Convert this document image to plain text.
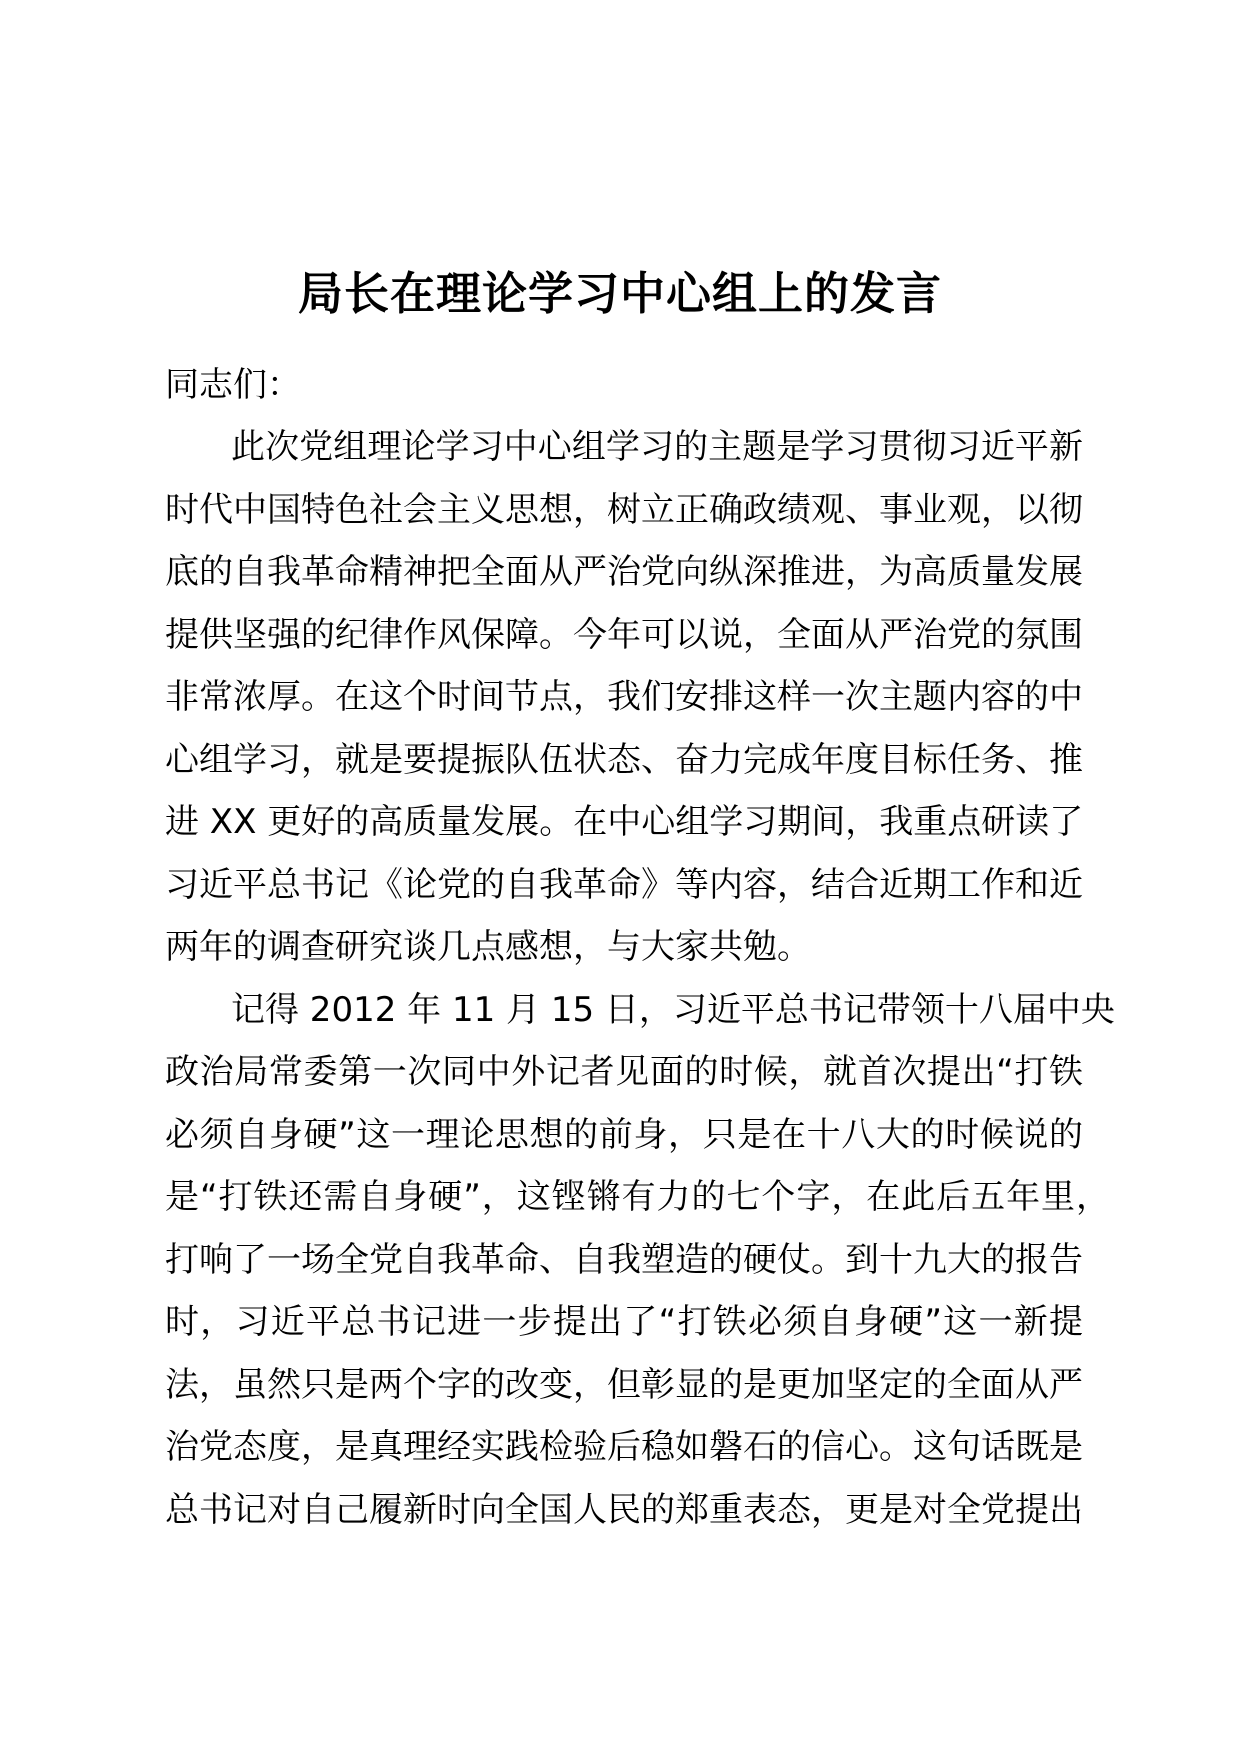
局长在理论学习中心组上的发言
同志们：
此次党组理论学习中心组学习的主题是学习贯彻习近平新
时代中国特色社会主义思想，树立正确政绩观、事业观，以彻
底的自我革命精神把全面从严治党向纵深推进，为高质量发展
提供坚强的纪律作风保障。今年可以说，全面从严治党的氛围
非常浓厚。在这个时间节点，我们安排这样一次主题内容的中
心组学习，就是要提振队伍状态、奋力完成年度目标任务、推
进 XX 更好的高质量发展。在中心组学习期间，我重点研读了
习近平总书记《论党的自我革命》等内容，结合近期工作和近
两年的调查研究谈几点感想，与大家共勉。
记得 2012 年 11 月 15 日，习近平总书记带领十八届中央
政治局常委第一次同中外记者见面的时候，就首次提出“打铁
必须自身硬”这一理论思想的前身，只是在十八大的时候说的
是“打铁还需自身硬”，这铿锵有力的七个字，在此后五年里，
打响了一场全党自我革命、自我塑造的硬仗。到十九大的报告
时，习近平总书记进一步提出了“打铁必须自身硬”这一新提
法，虽然只是两个字的改变，但彰显的是更加坚定的全面从严
治党态度，是真理经实践检验后稳如磐石的信心。这句话既是
总书记对自己履新时向全国人民的郑重表态，更是对全党提出
